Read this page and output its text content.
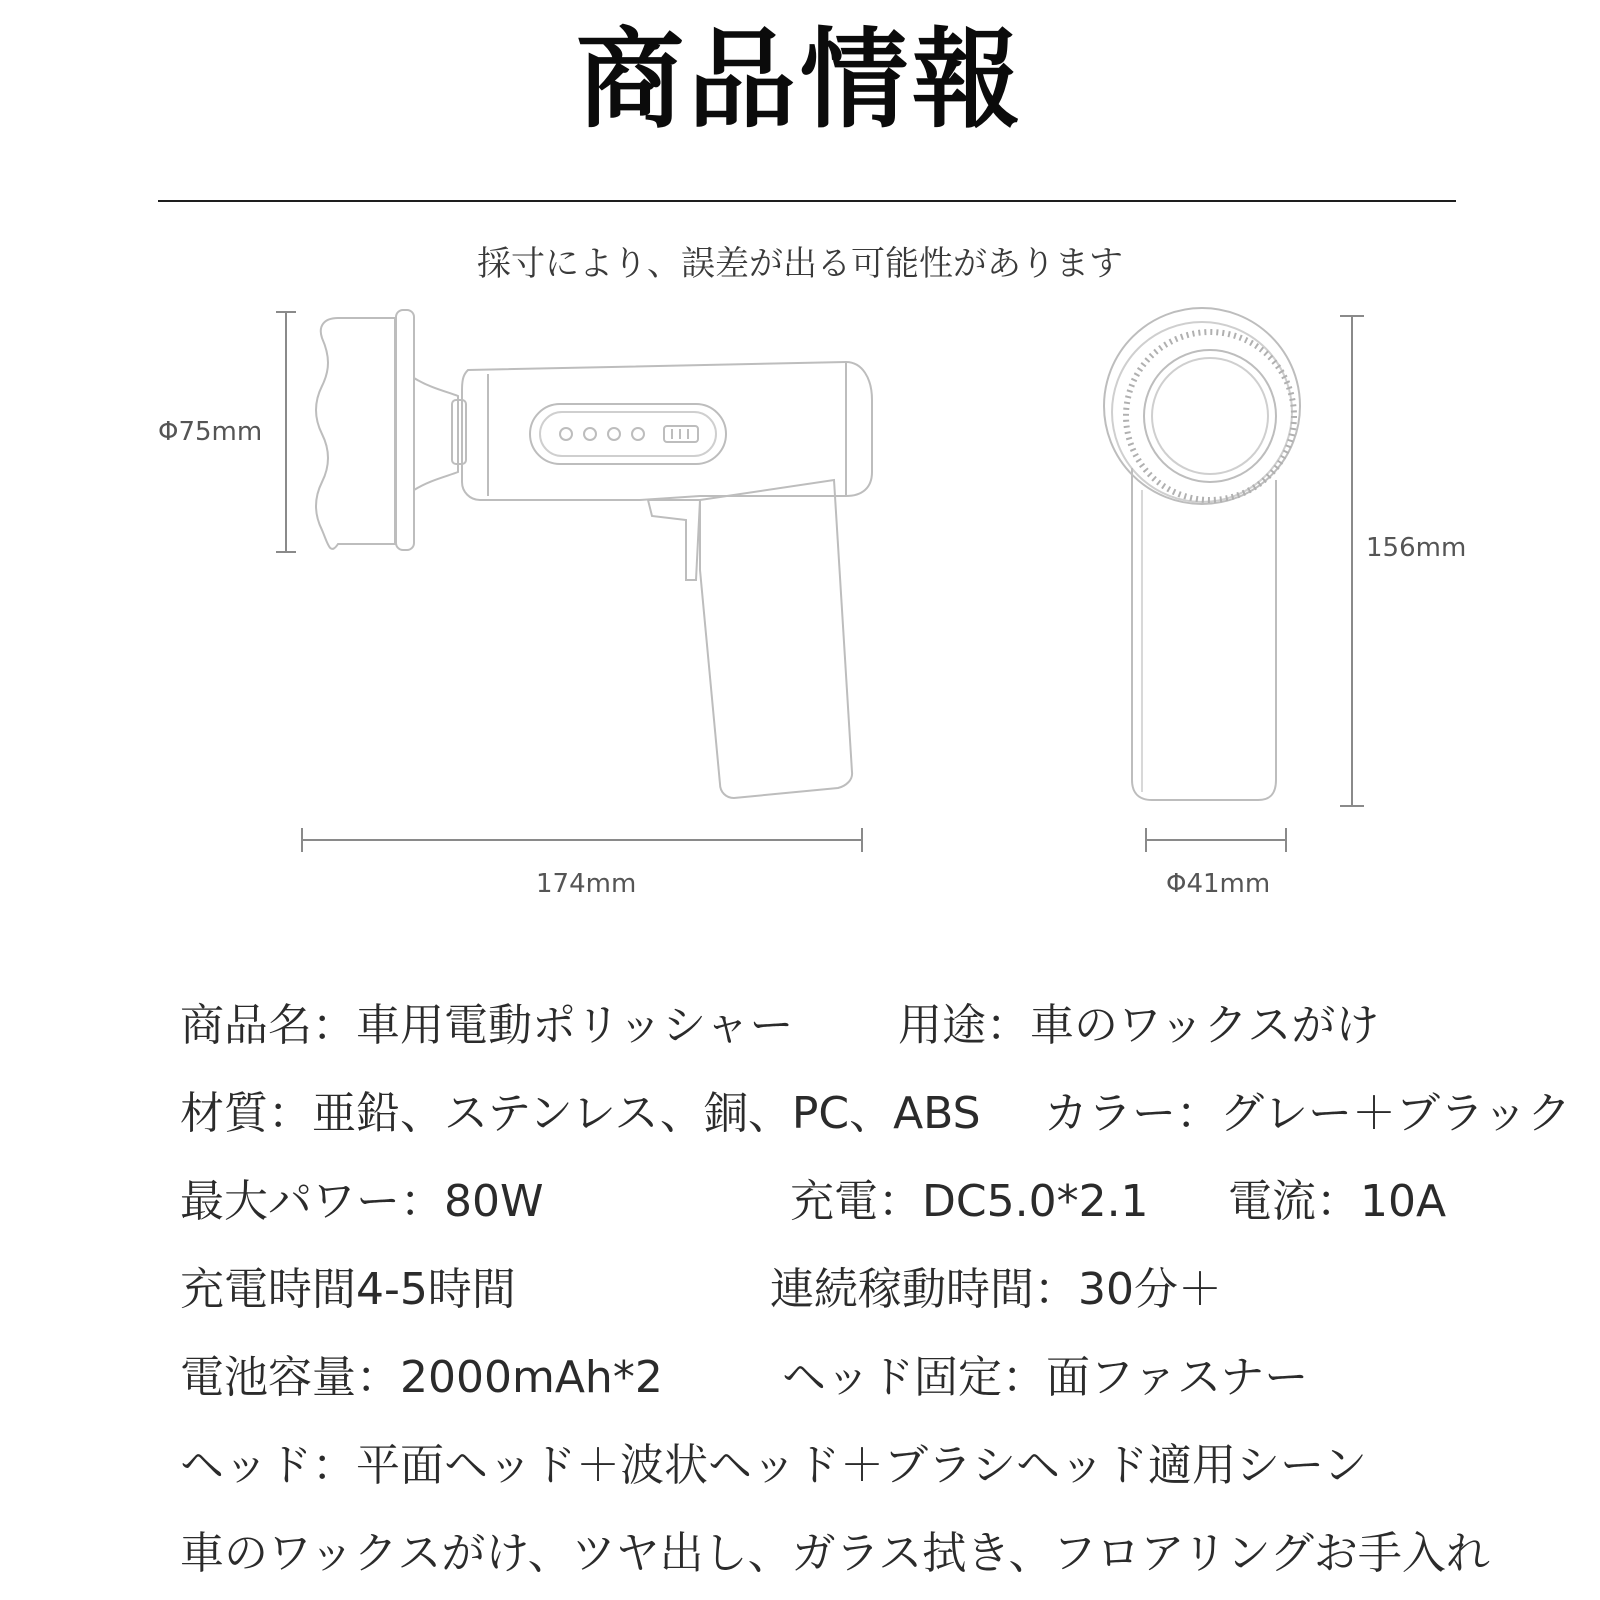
商品情報
採寸により、誤差が出る可能性があります
Φ75mm
174mm
156mm
Φ41mm
商品名：車用電動ポリッシャー 用途：車のワックスがけ
材質：亜鉛、ステンレス、銅、PC、ABS カラー：グレー＋ブラック
最大パワー：80W	充電：DC5.0*2.1 電流：10A
充電時間4-5時間	連続稼動時間：30分＋
電池容量：2000mAh*2	ヘッド固定：面ファスナー
ヘッド：平面ヘッド＋波状ヘッド＋ブラシヘッド適用シーン
車のワックスがけ、ツヤ出し、ガラス拭き、フロアリングお手入れ
